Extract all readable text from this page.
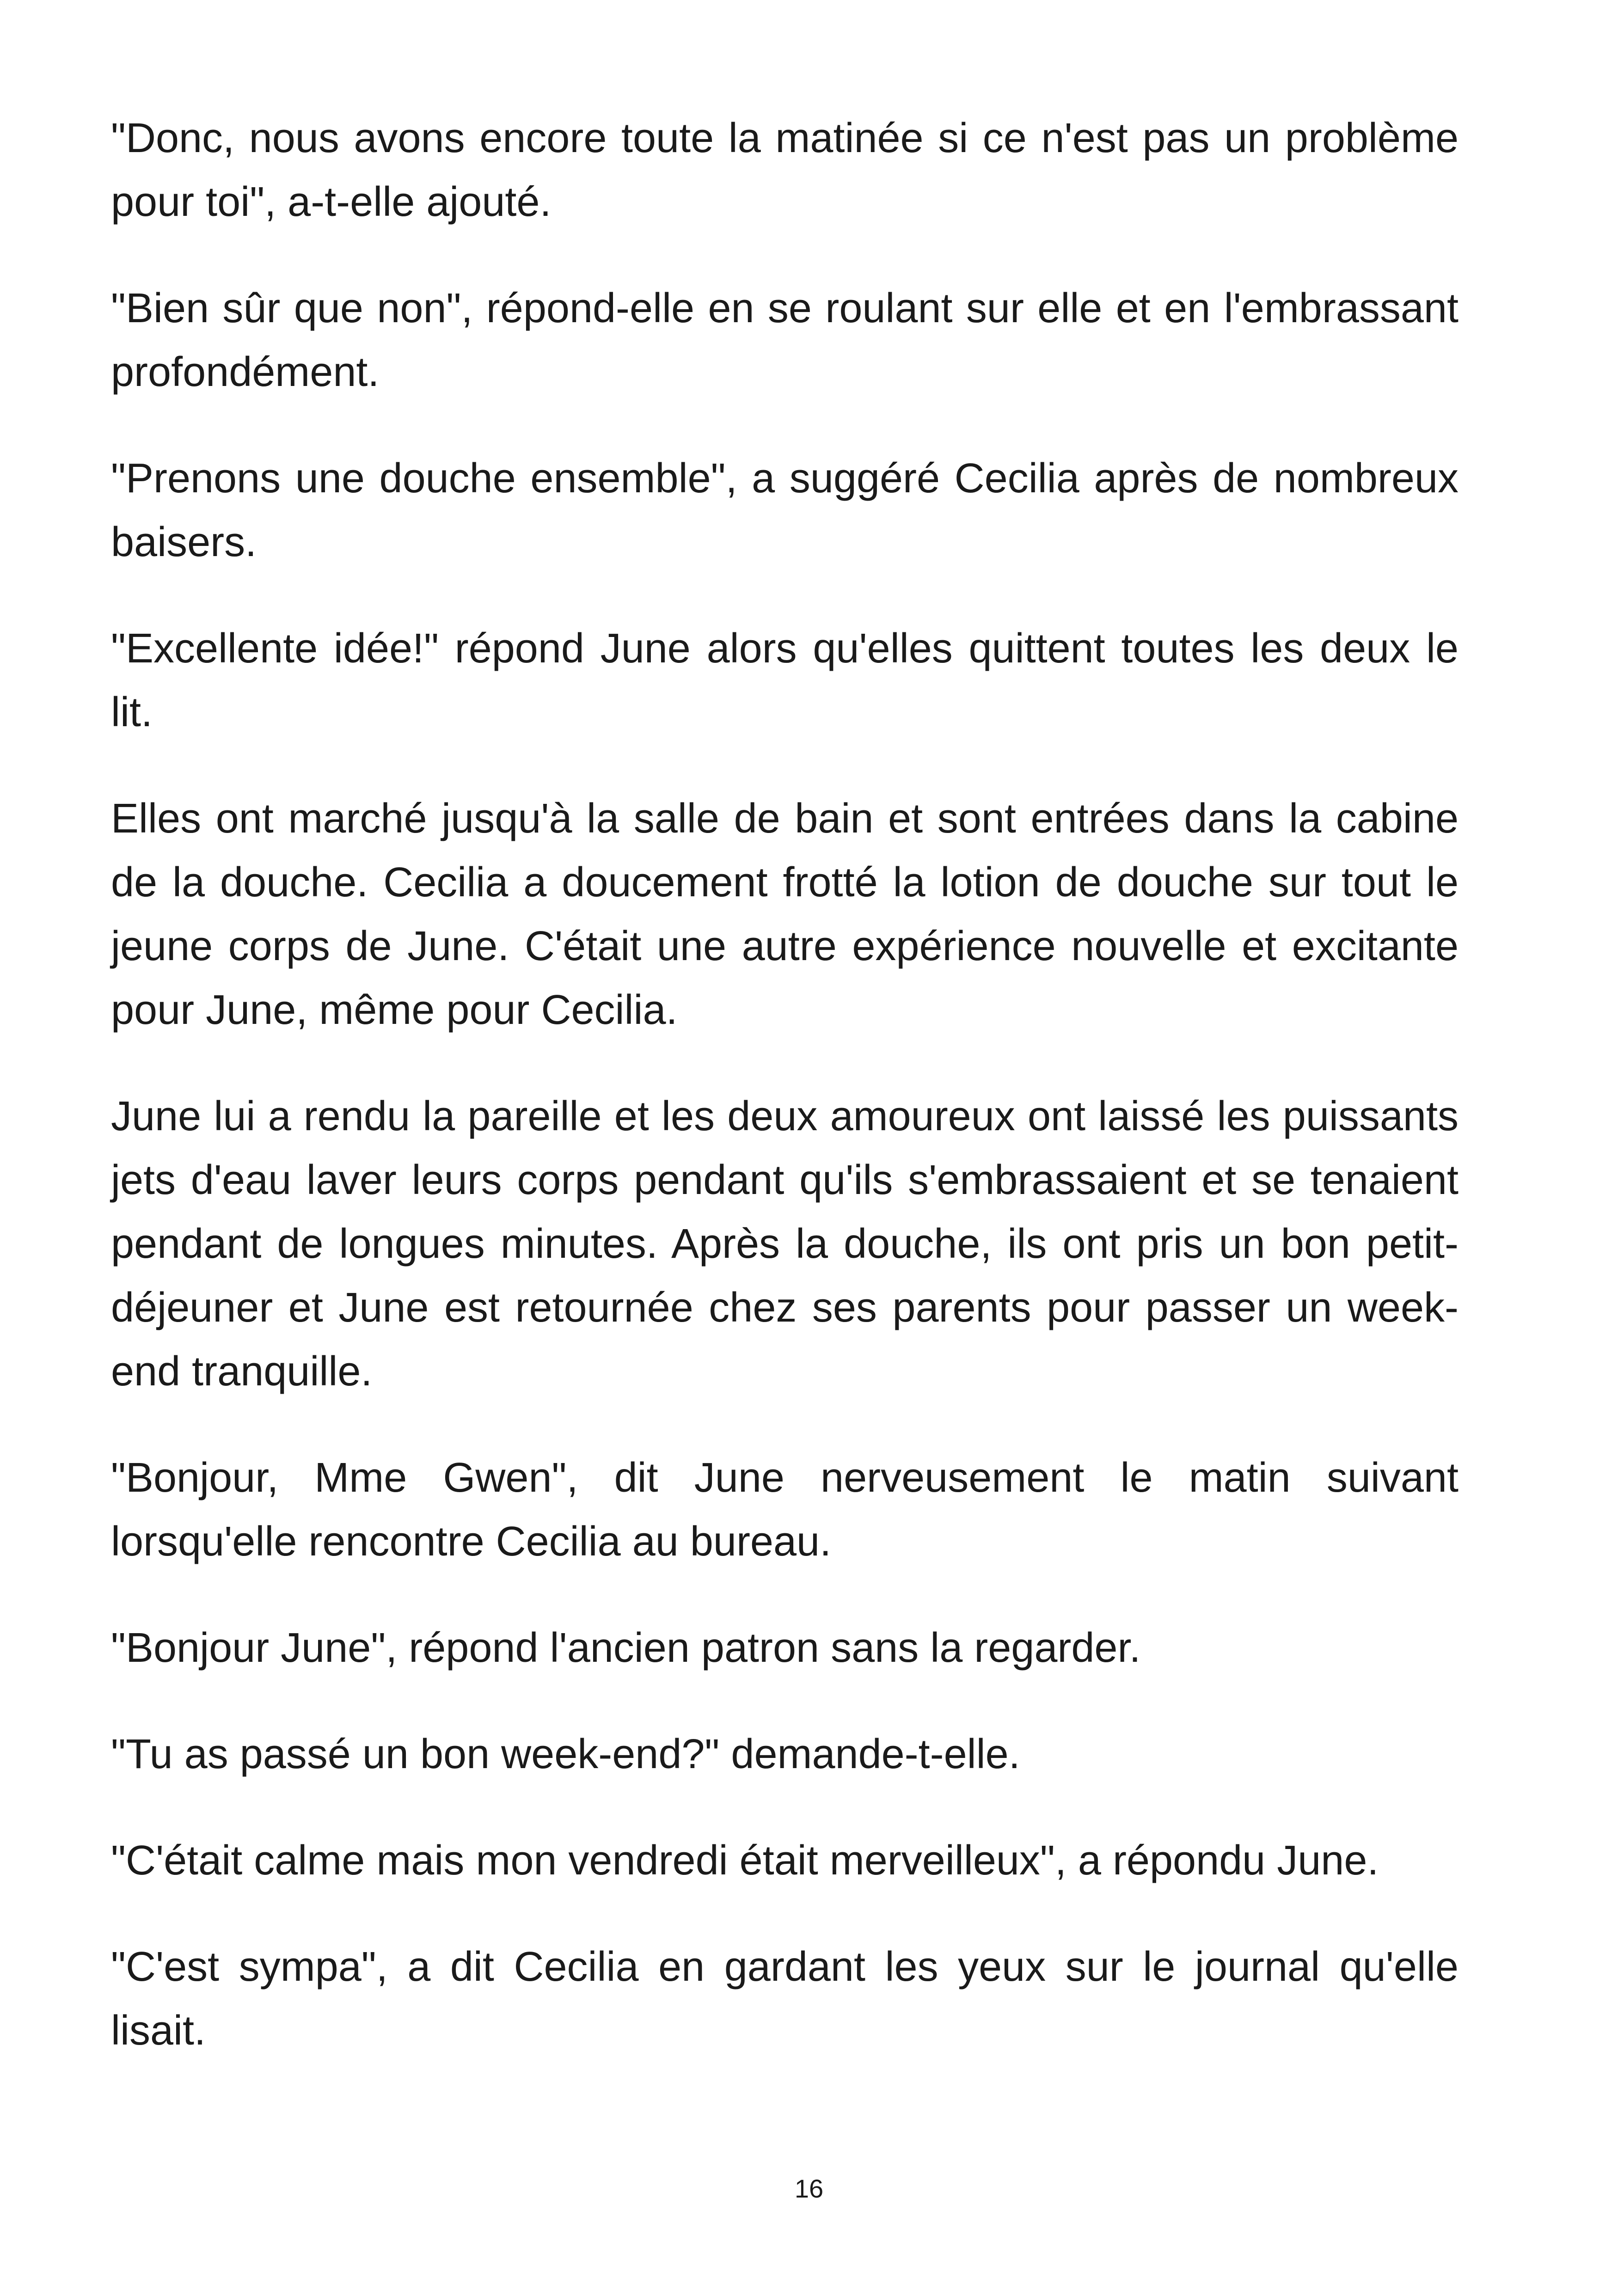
"Donc, nous avons encore toute la matinée si ce n'est pas un problème pour toi", a-t-elle ajouté.

"Bien sûr que non", répond-elle en se roulant sur elle et en l'embrassant profondément.

"Prenons une douche ensemble", a suggéré Cecilia après de nombreux baisers.

"Excellente idée!" répond June alors qu'elles quittent toutes les deux le lit.

Elles ont marché jusqu'à la salle de bain et sont entrées dans la cabine de la douche. Cecilia a doucement frotté la lotion de douche sur tout le jeune corps de June. C'était une autre expérience nouvelle et excitante pour June, même pour Cecilia.

June lui a rendu la pareille et les deux amoureux ont laissé les puissants jets d'eau laver leurs corps pendant qu'ils s'embrassaient et se tenaient pendant de longues minutes. Après la douche, ils ont pris un bon petit-déjeuner et June est retournée chez ses parents pour passer un week-end tranquille.

"Bonjour, Mme Gwen", dit June nerveusement le matin suivant lorsqu'elle rencontre Cecilia au bureau.

"Bonjour June", répond l'ancien patron sans la regarder.

"Tu as passé un bon week-end?" demande-t-elle.

"C'était calme mais mon vendredi était merveilleux", a répondu June.

"C'est sympa", a dit Cecilia en gardant les yeux sur le journal qu'elle lisait.

16
